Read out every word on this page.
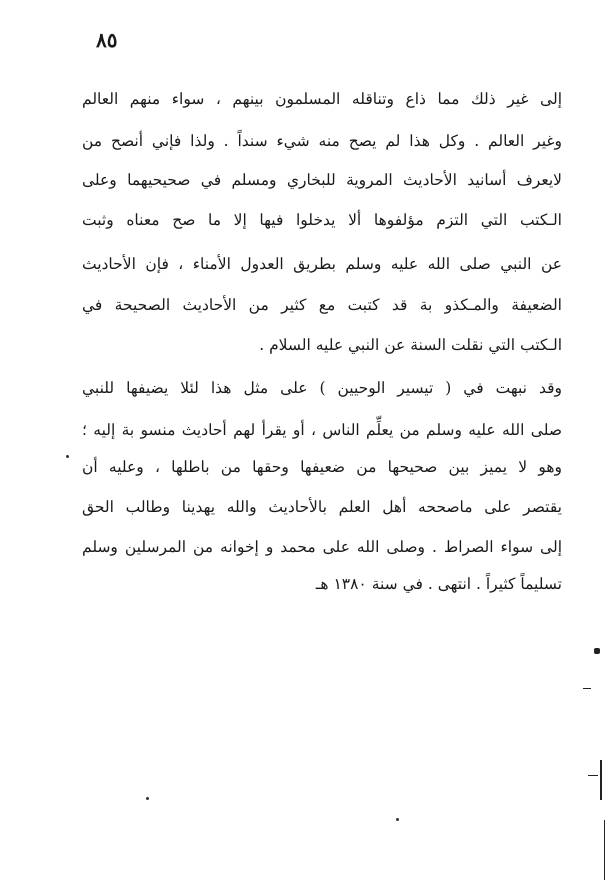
٨٥
إلى غير ذلك مما ذاع وتناقله المسلمون بينهم ، سواء منهم العالم
وغير العالم . وكل هذا لم يصح منه شيء سنداً . ولذا فإني أنصح من
لايعرف أسانيد الأحاديث المروية للبخاري ومسلم في صحيحيهما وعلى
الـكتب التي التزم مؤلفوها ألا يدخلوا فيها إلا ما صح معناه وثبت
عن النبي صلى الله عليه وسلم بطريق العدول الأمناء ، فإن الأحاديث
الضعيفة والمـكذو بة قد كتبت مع كثير من الأحاديث الصحيحة في
الـكتب التي نقلت السنة عن النبي عليه السلام .
وقد نبهت في ( تيسير الوحيين ) على مثل هذا لئلا يضيفها للنبي
صلى الله عليه وسلم من يعلِّم الناس ، أو يقرأ لهم أحاديث منسو بة إليه ؛
وهو لا يميز بين صحيحها من ضعيفها وحقها من باطلها ، وعليه أن
يقتصر على ماصححه أهل العلم بالأحاديث والله يهدينا وطالب الحق
إلى سواء الصراط . وصلى الله على محمد و إخوانه من المرسلين وسلم
تسليماً كثيراً . انتهى . في سنة ١٣٨٠ هـ
